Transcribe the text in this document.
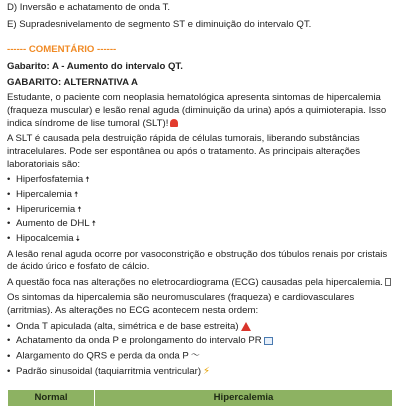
D) Inversão e achatamento de onda T.

E) Supradesnivelamento de segmento ST e diminuição do intervalo QT.

------ COMENTÁRIO ------

Gabarito: A - Aumento do intervalo QT.

GABARITO: ALTERNATIVA A

Estudante, o paciente com neoplasia hematológica apresenta sintomas de hipercalemia (fraqueza muscular) e lesão renal aguda (diminuição da urina) após a quimioterapia. Isso indica síndrome de lise tumoral (SLT)!

A SLT é causada pela destruição rápida de células tumorais, liberando substâncias intracelulares. Pode ser espontânea ou após o tratamento. As principais alterações laboratoriais são:

• Hiperfosfatemia 🠅
• Hipercalemia 🠅
• Hiperuricemia 🠅
• Aumento de DHL 🠅
• Hipocalcemia 🠇

A lesão renal aguda ocorre por vasoconstrição e obstrução dos túbulos renais por cristais de ácido úrico e fosfato de cálcio.

A questão foca nas alterações no eletrocardiograma (ECG) causadas pela hipercalemia.

Os sintomas da hipercalemia são neuromusculares (fraqueza) e cardiovasculares (arritmias). As alterações no ECG acontecem nesta ordem:

• Onda T apiculada (alta, simétrica e de base estreita)
• Achatamento da onda P e prolongamento do intervalo PR
• Alargamento do QRS e perda da onda P 〜
• Padrão sinusoidal (taquiarritmia ventricular) ⚡
Normal	Hipercalemia
